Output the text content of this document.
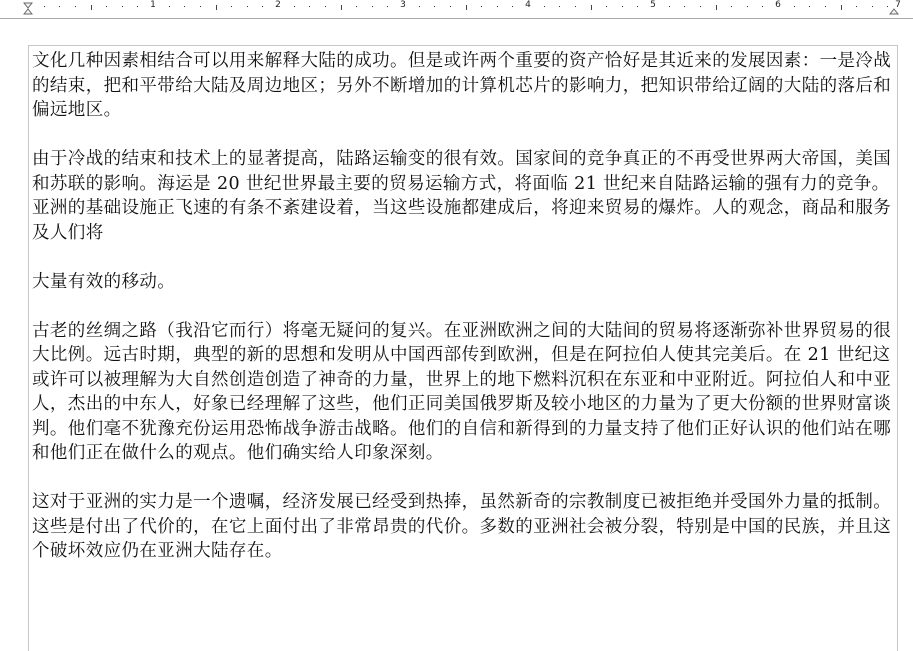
1	2	3	4	5	6	7

文化几种因素相结合可以用来解释大陆的成功。但是或许两个重要的资产恰好是其近来的发展因素：一是冷战的结束，把和平带给大陆及周边地区；另外不断增加的计算机芯片的影响力，把知识带给辽阔的大陆的落后和偏远地区。

由于冷战的结束和技术上的显著提高，陆路运输变的很有效。国家间的竞争真正的不再受世界两大帝国，美国和苏联的影响。海运是 20 世纪世界最主要的贸易运输方式，将面临 21 世纪来自陆路运输的强有力的竞争。亚洲的基础设施正飞速的有条不紊建设着，当这些设施都建成后，将迎来贸易的爆炸。人的观念，商品和服务及人们将

大量有效的移动。

古老的丝绸之路（我沿它而行）将毫无疑问的复兴。在亚洲欧洲之间的大陆间的贸易将逐渐弥补世界贸易的很大比例。远古时期，典型的新的思想和发明从中国西部传到欧洲，但是在阿拉伯人使其完美后。在 21 世纪这或许可以被理解为大自然创造创造了神奇的力量，世界上的地下燃料沉积在东亚和中亚附近。阿拉伯人和中亚人，杰出的中东人，好象已经理解了这些，他们正同美国俄罗斯及较小地区的力量为了更大份额的世界财富谈判。他们毫不犹豫充份运用恐怖战争游击战略。他们的自信和新得到的力量支持了他们正好认识的他们站在哪和他们正在做什么的观点。他们确实给人印象深刻。

这对于亚洲的实力是一个遗嘱，经济发展已经受到热捧，虽然新奇的宗教制度已被拒绝并受国外力量的抵制。这些是付出了代价的，在它上面付出了非常昂贵的代价。多数的亚洲社会被分裂，特别是中国的民族，并且这个破坏效应仍在亚洲大陆存在。
